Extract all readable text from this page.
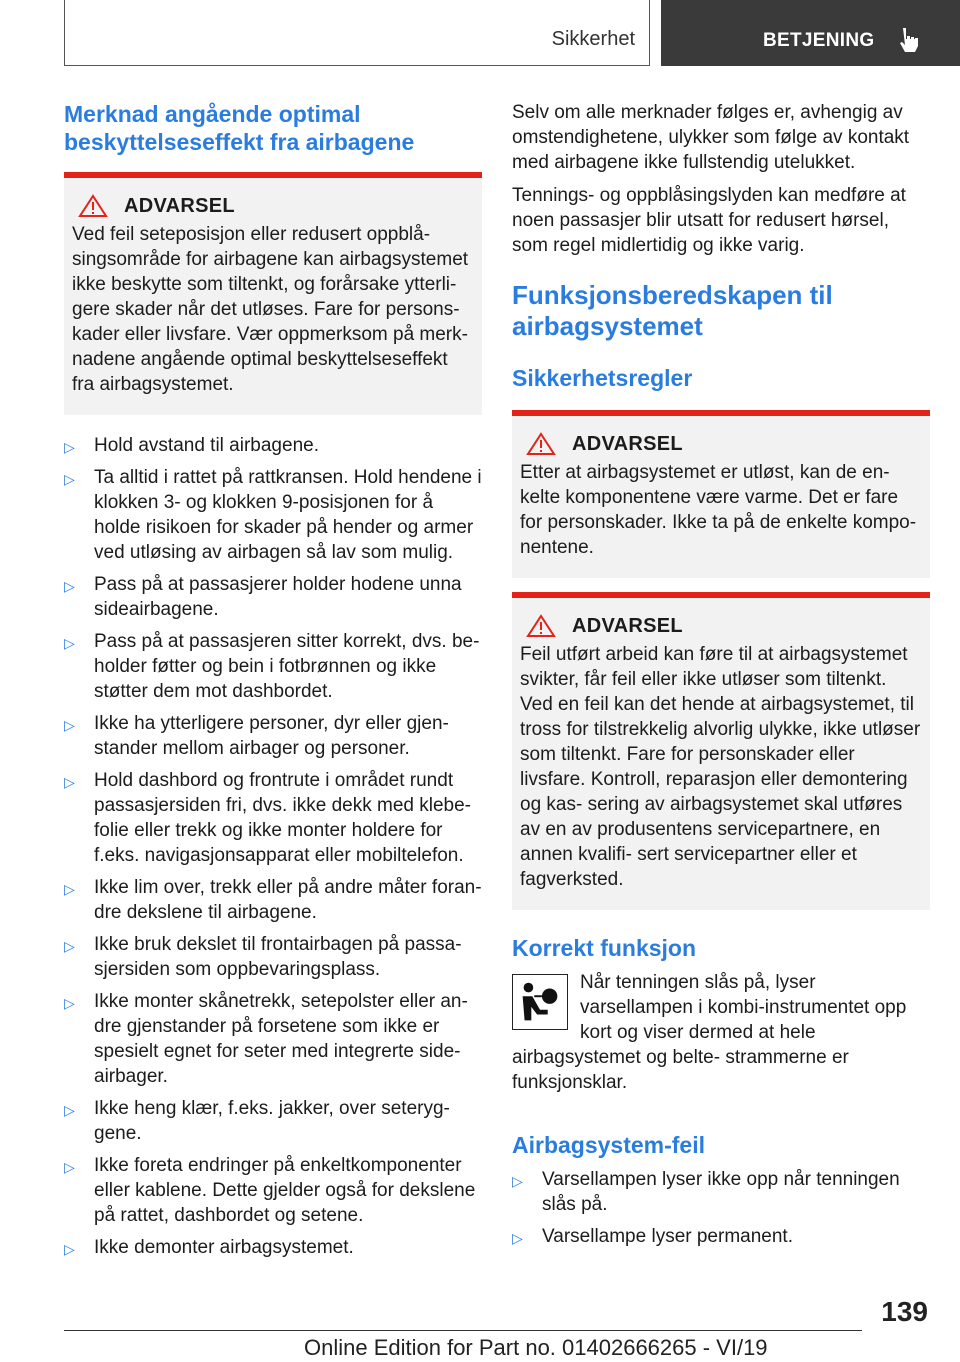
Sikkerhet	BETJENING
Merknad angående optimal beskyttelseseffekt fra airbagene
ADVARSEL
Ved feil seteposisjon eller redusert oppblå- singsområde for airbagene kan airbagsystemet ikke beskytte som tiltenkt, og forårsake ytterli- gere skader når det utløses. Fare for persons- kader eller livsfare. Vær oppmerksom på merk- nadene angående optimal beskyttelseseffekt fra airbagsystemet.
▷ Hold avstand til airbagene.
▷ Ta alltid i rattet på rattkransen. Hold hendene i klokken 3- og klokken 9-posisjonen for å holde risikoen for skader på hender og armer ved utløsing av airbagen så lav som mulig.
▷ Pass på at passasjerer holder hodene unna sideairbagene.
▷ Pass på at passasjeren sitter korrekt, dvs. be- holder føtter og bein i fotbrønnen og ikke støtter dem mot dashbordet.
▷ Ikke ha ytterligere personer, dyr eller gjen- stander mellom airbager og personer.
▷ Hold dashbord og frontrute i området rundt passasjersiden fri, dvs. ikke dekk med klebe- folie eller trekk og ikke monter holdere for f.eks. navigasjonsapparat eller mobiltelefon.
▷ Ikke lim over, trekk eller på andre måter foran- dre dekslene til airbagene.
▷ Ikke bruk dekslet til frontairbagen på passa- sjersiden som oppbevaringsplass.
▷ Ikke monter skånetrekk, setepolster eller an- dre gjenstander på forsetene som ikke er spesielt egnet for seter med integrerte side- airbager.
▷ Ikke heng klær, f.eks. jakker, over seteryg- gene.
▷ Ikke foreta endringer på enkeltkomponenter eller kablene. Dette gjelder også for dekslene på rattet, dashbordet og setene.
▷ Ikke demonter airbagsystemet.
Selv om alle merknader følges er, avhengig av omstendighetene, ulykker som følge av kontakt med airbagene ikke fullstendig utelukket.
Tennings- og oppblåsingslyden kan medføre at noen passasjer blir utsatt for redusert hørsel, som regel midlertidig og ikke varig.
Funksjonsberedskapen til airbagsystemet
Sikkerhetsregler
ADVARSEL
Etter at airbagsystemet er utløst, kan de en- kelte komponentene være varme. Det er fare for personskader. Ikke ta på de enkelte kompo- nentene.
ADVARSEL
Feil utført arbeid kan føre til at airbagsystemet svikter, får feil eller ikke utløser som tiltenkt. Ved en feil kan det hende at airbagsystemet, til tross for tilstrekkelig alvorlig ulykke, ikke utløser som tiltenkt. Fare for personskader eller livsfare. Kontroll, reparasjon eller demontering og kas- sering av airbagsystemet skal utføres av en av produsentens servicepartnere, en annen kvalifi- sert servicepartner eller et fagverksted.
Korrekt funksjon
Når tenningen slås på, lyser varsellampen i kombi-instrumentet opp kort og viser dermed at hele airbagsystemet og belte- strammerne er funksjonsklar.
Airbagsystem-feil
▷ Varsellampen lyser ikke opp når tenningen slås på.
▷ Varsellampe lyser permanent.
139
Online Edition for Part no. 01402666265 - VI/19
